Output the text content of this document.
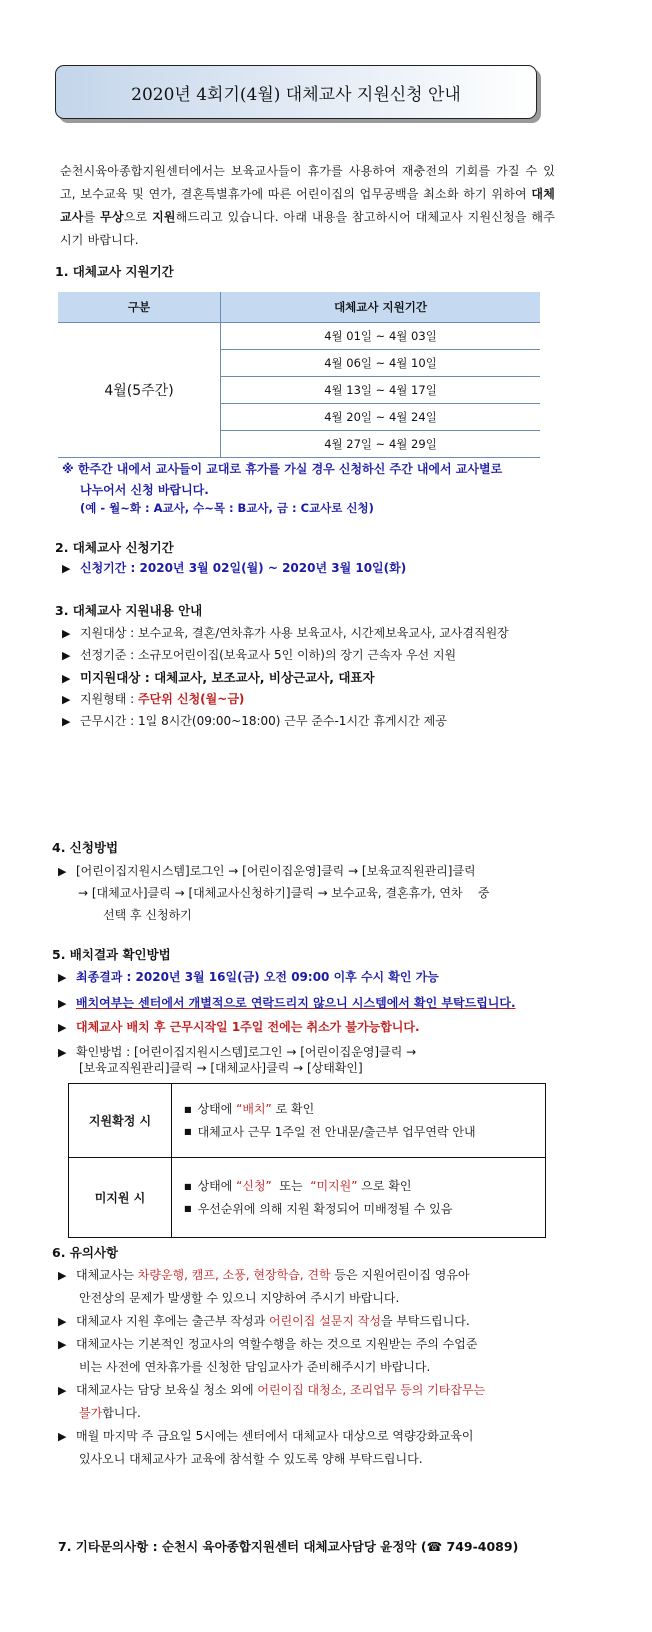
2020년 4회기(4월) 대체교사 지원신청 안내
순천시육아종합지원센터에서는 보육교사들이 휴가를 사용하여 재충전의 기회를 가질 수 있고, 보수교육 및 연가, 결혼특별휴가에 따른 어린이집의 업무공백을 최소화 하기 위하여 대체교사를 무상으로 지원해드리고 있습니다. 아래 내용을 참고하시어 대체교사 지원신청을 해주시기 바랍니다.
1. 대체교사 지원기간
구분	대체교사 지원기간
4월(5주간)	4월 01일 ~ 4월 03일
	4월 06일 ~ 4월 10일
	4월 13일 ~ 4월 17일
	4월 20일 ~ 4월 24일
	4월 27일 ~ 4월 29일
※ 한주간 내에서 교사들이 교대로 휴가를 가실 경우 신청하신 주간 내에서 교사별로
나누어서 신청 바랍니다.
(예 - 월~화 : A교사, 수~목 : B교사, 금 : C교사로 신청)
2. 대체교사 신청기간
▶ 신청기간 : 2020년 3월 02일(월) ~ 2020년 3월 10일(화)
3. 대체교사 지원내용 안내
▶ 지원대상 : 보수교육, 결혼/연차휴가 사용 보육교사, 시간제보육교사, 교사겸직원장
▶ 선정기준 : 소규모어린이집(보육교사 5인 이하)의 장기 근속자 우선 지원
▶ 미지원대상 : 대체교사, 보조교사, 비상근교사, 대표자
▶ 지원형태 : 주단위 신청(월~금)
▶ 근무시간 : 1일 8시간(09:00~18:00) 근무 준수-1시간 휴게시간 제공
4. 신청방법
▶ [어린이집지원시스템]로그인 → [어린이집운영]클릭 → [보육교직원관리]클릭
→ [대체교사]클릭 → [대체교사신청하기]클릭 → 보수교육, 결혼휴가, 연차    중
선택 후 신청하기
5. 배치결과 확인방법
▶ 최종결과 : 2020년 3월 16일(금) 오전 09:00 이후 수시 확인 가능
▶ 배치여부는 센터에서 개별적으로 연락드리지 않으니 시스템에서 확인 부탁드립니다.
▶ 대체교사 배치 후 근무시작일 1주일 전에는 취소가 불가능합니다.
▶ 확인방법 : [어린이집지원시스템]로그인 → [어린이집운영]클릭 →
[보육교직원관리]클릭 → [대체교사]클릭 → [상태확인]
지원확정 시	■ 상태에 “배치” 로 확인
■ 대체교사 근무 1주일 전 안내문/출근부 업무연락 안내

미지원 시	■ 상태에 “신청”  또는  “미지원” 으로 확인
■ 우선순위에 의해 지원 확정되어 미배정될 수 있음
6. 유의사항
▶ 대체교사는 차량운행, 캠프, 소풍, 현장학습, 견학 등은 지원어린이집 영유아
안전상의 문제가 발생할 수 있으니 지양하여 주시기 바랍니다.
▶ 대체교사 지원 후에는 출근부 작성과 어린이집 설문지 작성을 부탁드립니다.
▶ 대체교사는 기본적인 정교사의 역할수행을 하는 것으로 지원받는 주의 수업준
비는 사전에 연차휴가를 신청한 담임교사가 준비해주시기 바랍니다.
▶ 대체교사는 담당 보육실 청소 외에 어린이집 대청소, 조리업무 등의 기타잡무는
불가합니다.
▶ 매월 마지막 주 금요일 5시에는 센터에서 대체교사 대상으로 역량강화교육이
있사오니 대체교사가 교육에 참석할 수 있도록 양해 부탁드립니다.
7. 기타문의사항 : 순천시 육아종합지원센터 대체교사담당 윤정악 (☎ 749-4089)
